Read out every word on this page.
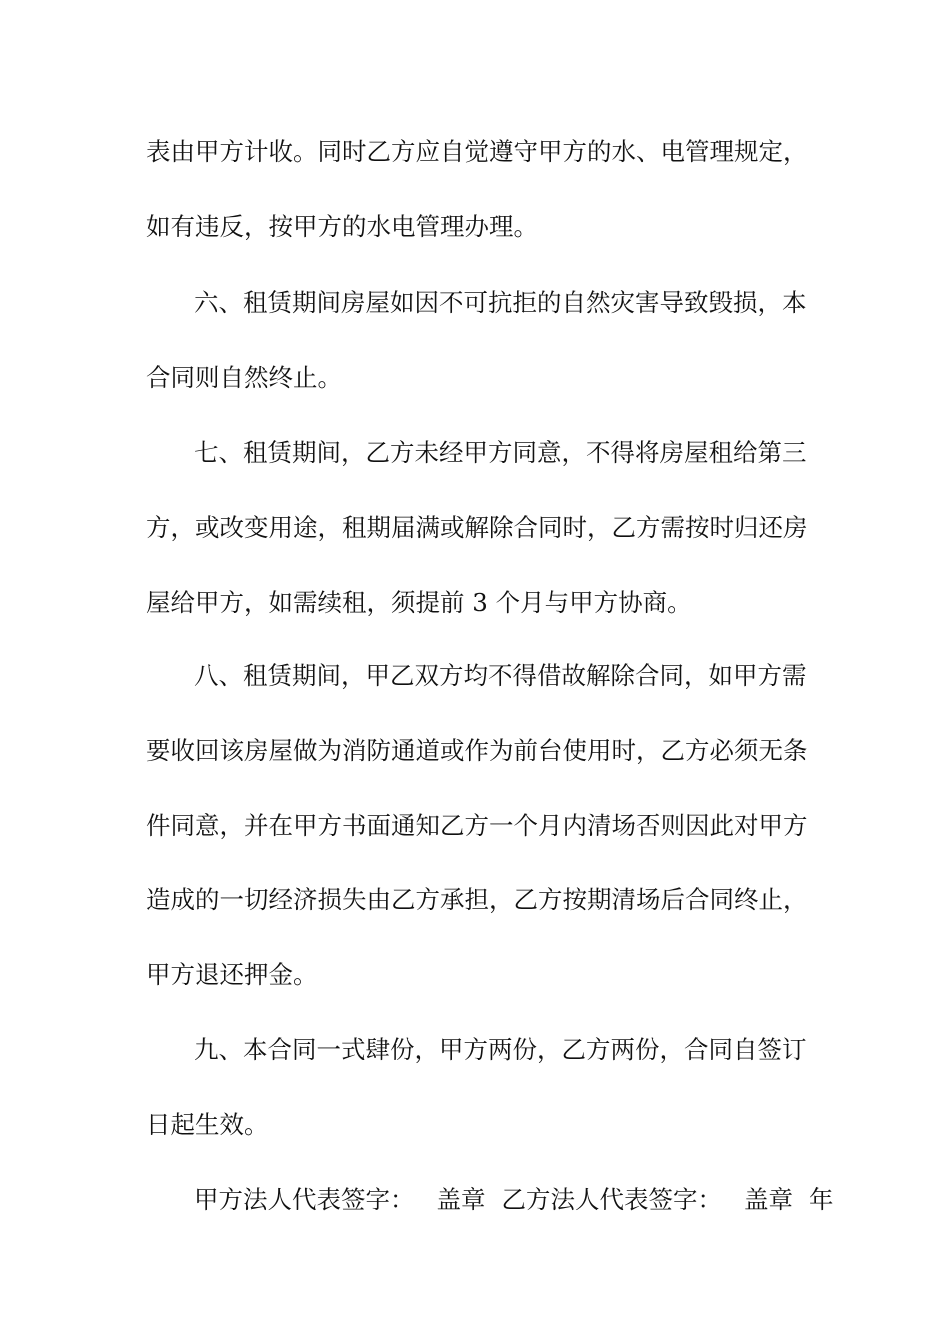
表由甲方计收。同时乙方应自觉遵守甲方的水、电管理规定，
如有违反，按甲方的水电管理办理。
六、租赁期间房屋如因不可抗拒的自然灾害导致毁损，本
合同则自然终止。
七、租赁期间，乙方未经甲方同意，不得将房屋租给第三
方，或改变用途，租期届满或解除合同时，乙方需按时归还房
屋给甲方，如需续租，须提前 3 个月与甲方协商。
八、租赁期间，甲乙双方均不得借故解除合同，如甲方需
要收回该房屋做为消防通道或作为前台使用时，乙方必须无条
件同意，并在甲方书面通知乙方一个月内清场否则因此对甲方
造成的一切经济损失由乙方承担，乙方按期清场后合同终止，
甲方退还押金。
九、本合同一式肆份，甲方两份，乙方两份，合同自签订
日起生效。
甲方法人代表签字： 盖章 乙方法人代表签字： 盖章 年
